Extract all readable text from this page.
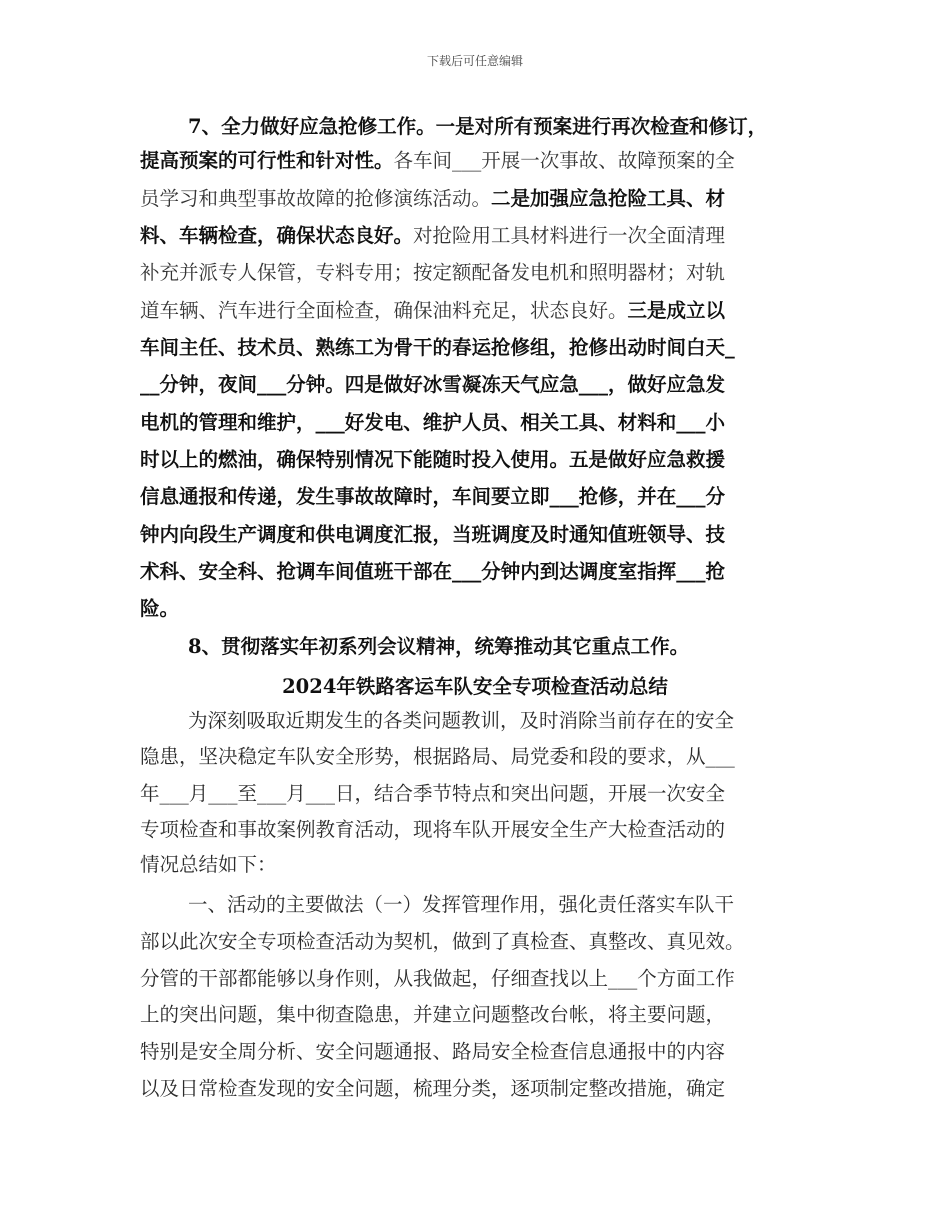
下载后可任意编辑
7、全力做好应急抢修工作。一是对所有预案进行再次检查和修订，
提高预案的可行性和针对性。各车间___开展一次事故、故障预案的全
员学习和典型事故故障的抢修演练活动。二是加强应急抢险工具、材
料、车辆检查，确保状态良好。对抢险用工具材料进行一次全面清理
补充并派专人保管，专料专用；按定额配备发电机和照明器材；对轨
道车辆、汽车进行全面检查，确保油料充足，状态良好。三是成立以
车间主任、技术员、熟练工为骨干的春运抢修组，抢修出动时间白天_
__分钟，夜间___分钟。四是做好冰雪凝冻天气应急___，做好应急发
电机的管理和维护，___好发电、维护人员、相关工具、材料和___小
时以上的燃油，确保特别情况下能随时投入使用。五是做好应急救援
信息通报和传递，发生事故故障时，车间要立即___抢修，并在___分
钟内向段生产调度和供电调度汇报，当班调度及时通知值班领导、技
术科、安全科、抢调车间值班干部在___分钟内到达调度室指挥___抢
险。
8、贯彻落实年初系列会议精神，统筹推动其它重点工作。
2024年铁路客运车队安全专项检查活动总结
为深刻吸取近期发生的各类问题教训，及时消除当前存在的安全
隐患，坚决稳定车队安全形势，根据路局、局党委和段的要求，从___
年___月___至___月___日，结合季节特点和突出问题，开展一次安全
专项检查和事故案例教育活动，现将车队开展安全生产大检查活动的
情况总结如下：
一、活动的主要做法（一）发挥管理作用，强化责任落实车队干
部以此次安全专项检查活动为契机，做到了真检查、真整改、真见效。
分管的干部都能够以身作则，从我做起，仔细查找以上___个方面工作
上的突出问题，集中彻查隐患，并建立问题整改台帐，将主要问题，
特别是安全周分析、安全问题通报、路局安全检查信息通报中的内容
以及日常检查发现的安全问题，梳理分类，逐项制定整改措施，确定
